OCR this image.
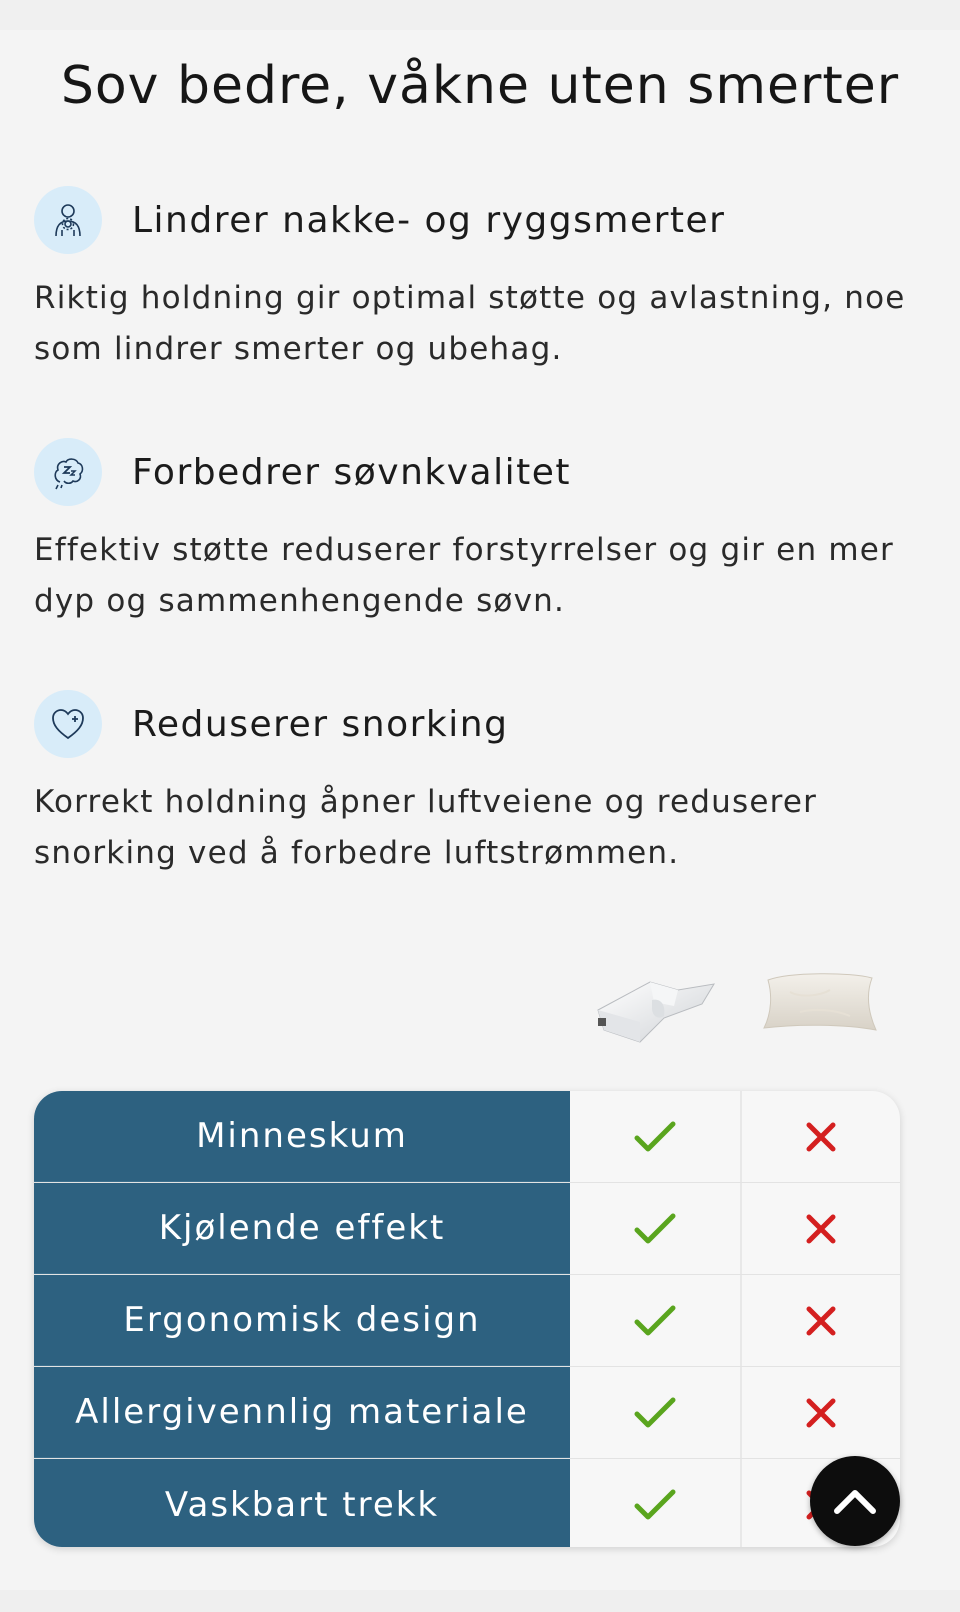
Sov bedre, våkne uten smerter
Lindrer nakke- og ryggsmerter
Riktig holdning gir optimal støtte og avlastning, noe som lindrer smerter og ubehag.
Forbedrer søvnkvalitet
Effektiv støtte reduserer forstyrrelser og gir en mer dyp og sammenhengende søvn.
Reduserer snorking
Korrekt holdning åpner luftveiene og reduserer snorking ved å forbedre luftstrømmen.
Minneskum
Kjølende effekt
Ergonomisk design
Allergivennlig materiale
Vaskbart trekk
